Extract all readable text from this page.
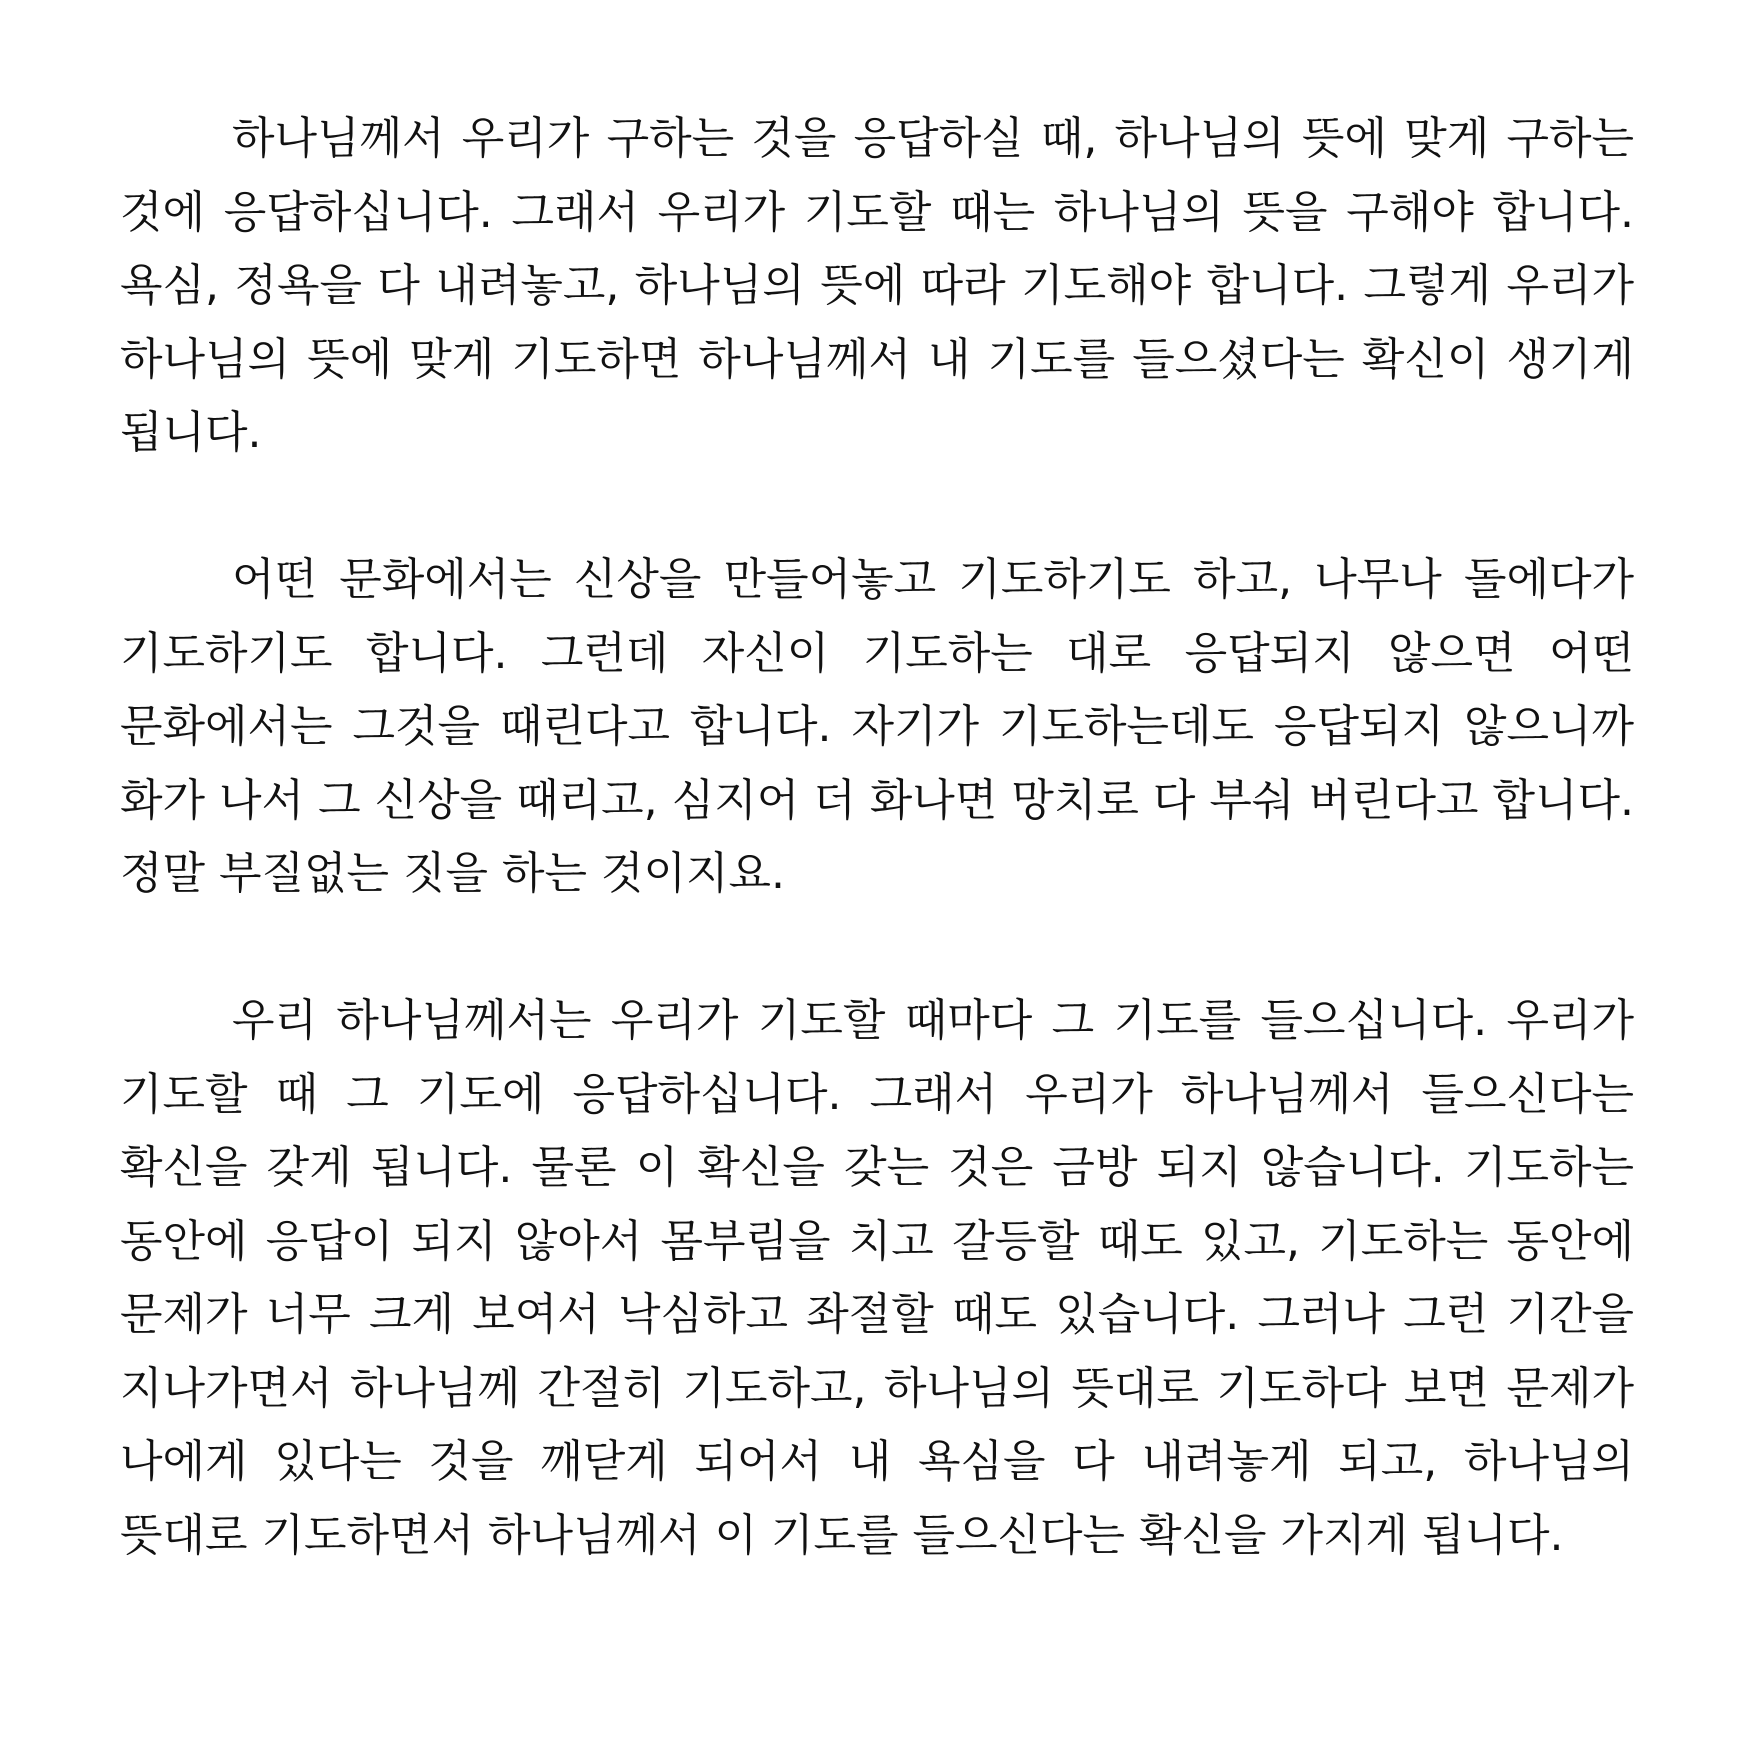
하나님께서 우리가 구하는 것을 응답하실 때, 하나님의 뜻에 맞게 구하는 것에 응답하십니다. 그래서 우리가 기도할 때는 하나님의 뜻을 구해야 합니다. 욕심, 정욕을 다 내려놓고, 하나님의 뜻에 따라 기도해야 합니다. 그렇게 우리가 하나님의 뜻에 맞게 기도하면 하나님께서 내 기도를 들으셨다는 확신이 생기게 됩니다.

어떤 문화에서는 신상을 만들어놓고 기도하기도 하고, 나무나 돌에다가 기도하기도 합니다. 그런데 자신이 기도하는 대로 응답되지 않으면 어떤 문화에서는 그것을 때린다고 합니다. 자기가 기도하는데도 응답되지 않으니까 화가 나서 그 신상을 때리고, 심지어 더 화나면 망치로 다 부숴 버린다고 합니다. 정말 부질없는 짓을 하는 것이지요.

우리 하나님께서는 우리가 기도할 때마다 그 기도를 들으십니다. 우리가 기도할 때 그 기도에 응답하십니다. 그래서 우리가 하나님께서 들으신다는 확신을 갖게 됩니다. 물론 이 확신을 갖는 것은 금방 되지 않습니다. 기도하는 동안에 응답이 되지 않아서 몸부림을 치고 갈등할 때도 있고, 기도하는 동안에 문제가 너무 크게 보여서 낙심하고 좌절할 때도 있습니다. 그러나 그런 기간을 지나가면서 하나님께 간절히 기도하고, 하나님의 뜻대로 기도하다 보면 문제가 나에게 있다는 것을 깨닫게 되어서 내 욕심을 다 내려놓게 되고, 하나님의 뜻대로 기도하면서 하나님께서 이 기도를 들으신다는 확신을 가지게 됩니다.
